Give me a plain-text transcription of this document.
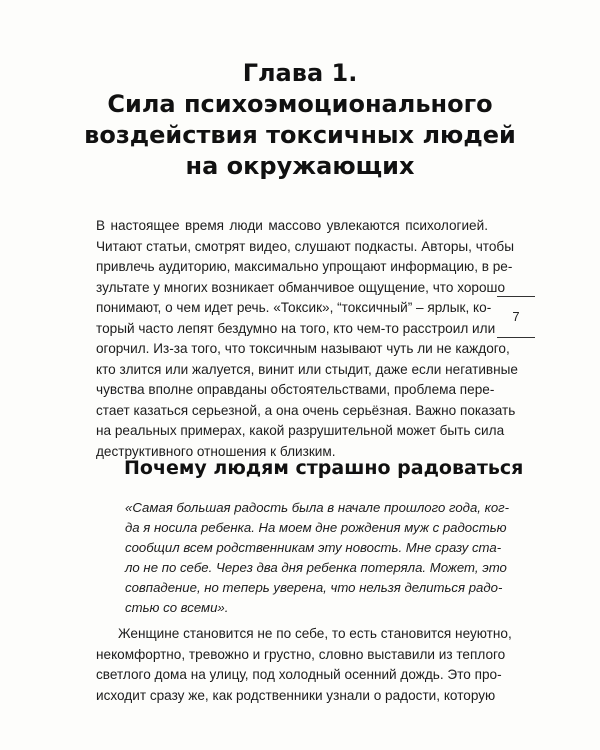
Глава 1.
Сила психоэмоционального
воздействия токсичных людей
на окружающих
В настоящее время люди массово увлекаются психологией.
Читают статьи, смотрят видео, слушают подкасты. Авторы, чтобы
привлечь аудиторию, максимально упрощают информацию, в ре-
зультате у многих возникает обманчивое ощущение, что хорошо
понимают, о чем идет речь. «Токсик», “токсичный” – ярлык, ко-
торый часто лепят бездумно на того, кто чем-то расстроил или
огорчил. Из-за того, что токсичным называют чуть ли не каждого,
кто злится или жалуется, винит или стыдит, даже если негативные
чувства вполне оправданы обстоятельствами, проблема пере-
стает казаться серьезной, а она очень серьёзная. Важно показать
на реальных примерах, какой разрушительной может быть сила
деструктивного отношения к близким.
7
Почему людям страшно радоваться
«Самая большая радость была в начале прошлого года, ког-
да я носила ребенка. На моем дне рождения муж с радостью
сообщил всем родственникам эту новость. Мне сразу ста-
ло не по себе. Через два дня ребенка потеряла. Может, это
совпадение, но теперь уверена, что нельзя делиться радо-
стью со всеми».
Женщине становится не по себе, то есть становится неуютно,
некомфортно, тревожно и грустно, словно выставили из теплого
светлого дома на улицу, под холодный осенний дождь. Это про-
исходит сразу же, как родственники узнали о радости, которую
